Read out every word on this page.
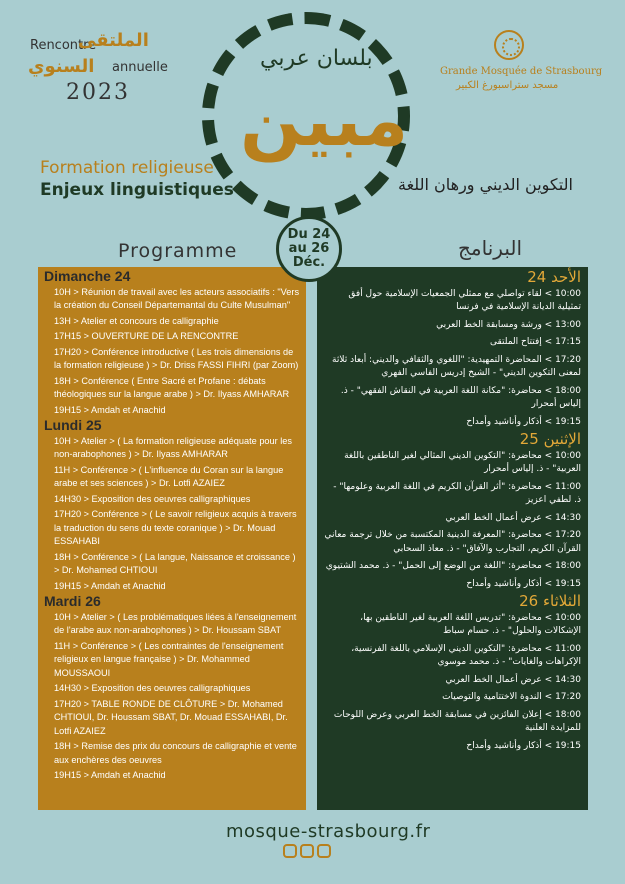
Rencontre
الملتقى
السنوي annuelle
2023
بلسان عربي
مبين
Grande Mosquée de Strasbourg
مسجد ستراسبورغ الكبير
Formation religieuse
Enjeux linguistiques	التكوين الديني ورهان اللغة
Programme	البرنامج
Du 24
au 26
Déc.
Dimanche 24
10H > Réunion de travail avec les acteurs associatifs : "Vers la création du Conseil Départemantal du Culte Musulman"
13H > Atelier et concours de calligraphie
17H15 > OUVERTURE DE LA RENCONTRE
17H20 > Conférence introductive ( Les trois dimensions de la formation religieuse ) > Dr. Driss FASSI FIHRI (par Zoom)
18H > Conférence ( Entre Sacré et Profane : débats théologiques sur la langue arabe ) > Dr. Ilyass AMHARAR
19H15 > Amdah et Anachid
Lundi 25
10H > Atelier > ( La formation religieuse adéquate pour les non-arabophones ) > Dr. Ilyass AMHARAR
11H > Conférence > ( L'influence du Coran sur la langue arabe et ses sciences ) > Dr. Lotfi AZAIEZ
14H30 > Exposition des oeuvres calligraphiques
17H20 > Conférence > ( Le savoir religieux acquis à travers la traduction du sens du texte coranique ) > Dr. Mouad ESSAHABI
18H > Conférence > ( La langue, Naissance et croissance ) > Dr. Mohamed CHTIOUI
19H15 > Amdah et Anachid
Mardi 26
10H > Atelier > ( Les problématiques liées à l'enseignement de l'arabe aux non-arabophones ) > Dr. Houssam SBAT
11H > Conférence > ( Les contraintes de l'enseignement religieux en langue française ) > Dr. Mohammed MOUSSAOUI
14H30 > Exposition des oeuvres calligraphiques
17H20 > TABLE RONDE DE CLÔTURE > Dr. Mohamed CHTIOUI, Dr. Houssam SBAT, Dr. Mouad ESSAHABI, Dr. Lotfi AZAIEZ
18H > Remise des prix du concours de calligraphie et vente aux enchères des oeuvres
19H15 > Amdah et Anachid
الأحد 24
10:00 > لقاء تواصلي مع ممثلي الجمعيات الإسلامية حول أفق تمثيلية الديانة الإسلامية في فرنسا
13:00 > ورشة ومسابقة الخط العربي
17:15 > إفتتاح الملتقى
17:20 > المحاضرة التمهيدية: "اللغوي والثقافي والديني: أبعاد ثلاثة لمعنى التكوين الديني" - الشيخ إدريس الفاسي الفهري
18:00 > محاضرة: "مكانة اللغة العربية في النقاش الفقهي" - ذ. إلياس أمحرار
19:15 > أذكار وأناشيد وأمداح
الإثنين 25
10:00 > محاضرة: "التكوين الديني المثالي لغير الناطقين باللغة العربية" - ذ. إلياس أمحرار
11:00 > محاضرة: "أثر القرآن الكريم في اللغة العربية وعلومها" - ذ. لطفي اعزيز
14:30 > عرض أعمال الخط العربي
17:20 > محاضرة: "المعرفة الدينية المكتسبة من خلال ترجمة معاني القرآن الكريم، التجارب والآفاق" - ذ. معاذ السحابي
18:00 > محاضرة: "اللغة من الوضع إلى الحمل" - ذ. محمد الشتيوي
19:15 > أذكار وأناشيد وأمداح
الثلاثاء 26
10:00 > محاضرة: "تدريس اللغة العربية لغير الناطقين بها، الإشكالات والحلول" - ذ. حسام سباط
11:00 > محاضرة: "التكوين الديني الإسلامي باللغة الفرنسية، الإكراهات والغايات" - ذ. محمد موسوي
14:30 > عرض أعمال الخط العربي
17:20 > الندوة الاختتامية والتوصيات
18:00 > إعلان الفائزين في مسابقة الخط العربي وعرض اللوحات للمزايدة العلنية
19:15 > أذكار وأناشيد وأمداح
mosque-strasbourg.fr
